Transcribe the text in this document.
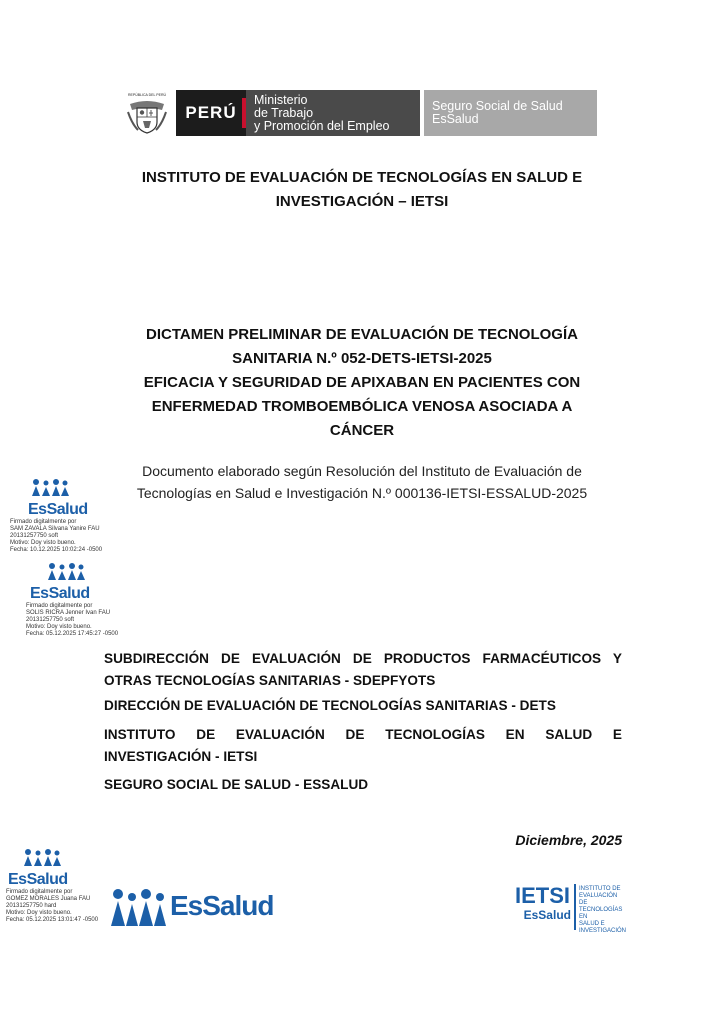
REPÚBLICA DEL PERÚ
PERÚ
Ministerio
de Trabajo
y Promoción del Empleo
Seguro Social de Salud
EsSalud
INSTITUTO DE EVALUACIÓN DE TECNOLOGÍAS EN SALUD E
INVESTIGACIÓN – IETSI
DICTAMEN PRELIMINAR DE EVALUACIÓN DE TECNOLOGÍA
SANITARIA N.º 052-DETS-IETSI-2025
EFICACIA Y SEGURIDAD DE APIXABAN EN PACIENTES CON
ENFERMEDAD TROMBOEMBÓLICA VENOSA ASOCIADA A
CÁNCER
Documento elaborado según Resolución del Instituto de Evaluación de
Tecnologías en Salud e Investigación N.º 000136-IETSI-ESSALUD-2025
EsSalud
Firmado digitalmente por
SAM ZAVALA Silvana Yanire FAU
20131257750 soft
Motivo: Doy visto bueno.
Fecha: 10.12.2025 10:02:24 -0500
EsSalud
Firmado digitalmente por
SOLIS RICRA Jenner Ivan FAU
20131257750 soft
Motivo: Doy visto bueno.
Fecha: 05.12.2025 17:45:27 -0500
SUBDIRECCIÓN DE EVALUACIÓN DE PRODUCTOS FARMACÉUTICOS Y
OTRAS TECNOLOGÍAS SANITARIAS - SDEPFYOTS
DIRECCIÓN DE EVALUACIÓN DE TECNOLOGÍAS SANITARIAS - DETS
INSTITUTO DE EVALUACIÓN DE TECNOLOGÍAS EN SALUD E
INVESTIGACIÓN - IETSI
SEGURO SOCIAL DE SALUD - ESSALUD
Diciembre, 2025
EsSalud
Firmado digitalmente por
GOMEZ MORALES Juana FAU
20131257750 hard
Motivo: Doy visto bueno.
Fecha: 05.12.2025 13:01:47 -0500	EsSalud	IETSI
EsSalud
INSTITUTO DE
EVALUACIÓN DE
TECNOLOGÍAS EN
SALUD E
INVESTIGACIÓN
